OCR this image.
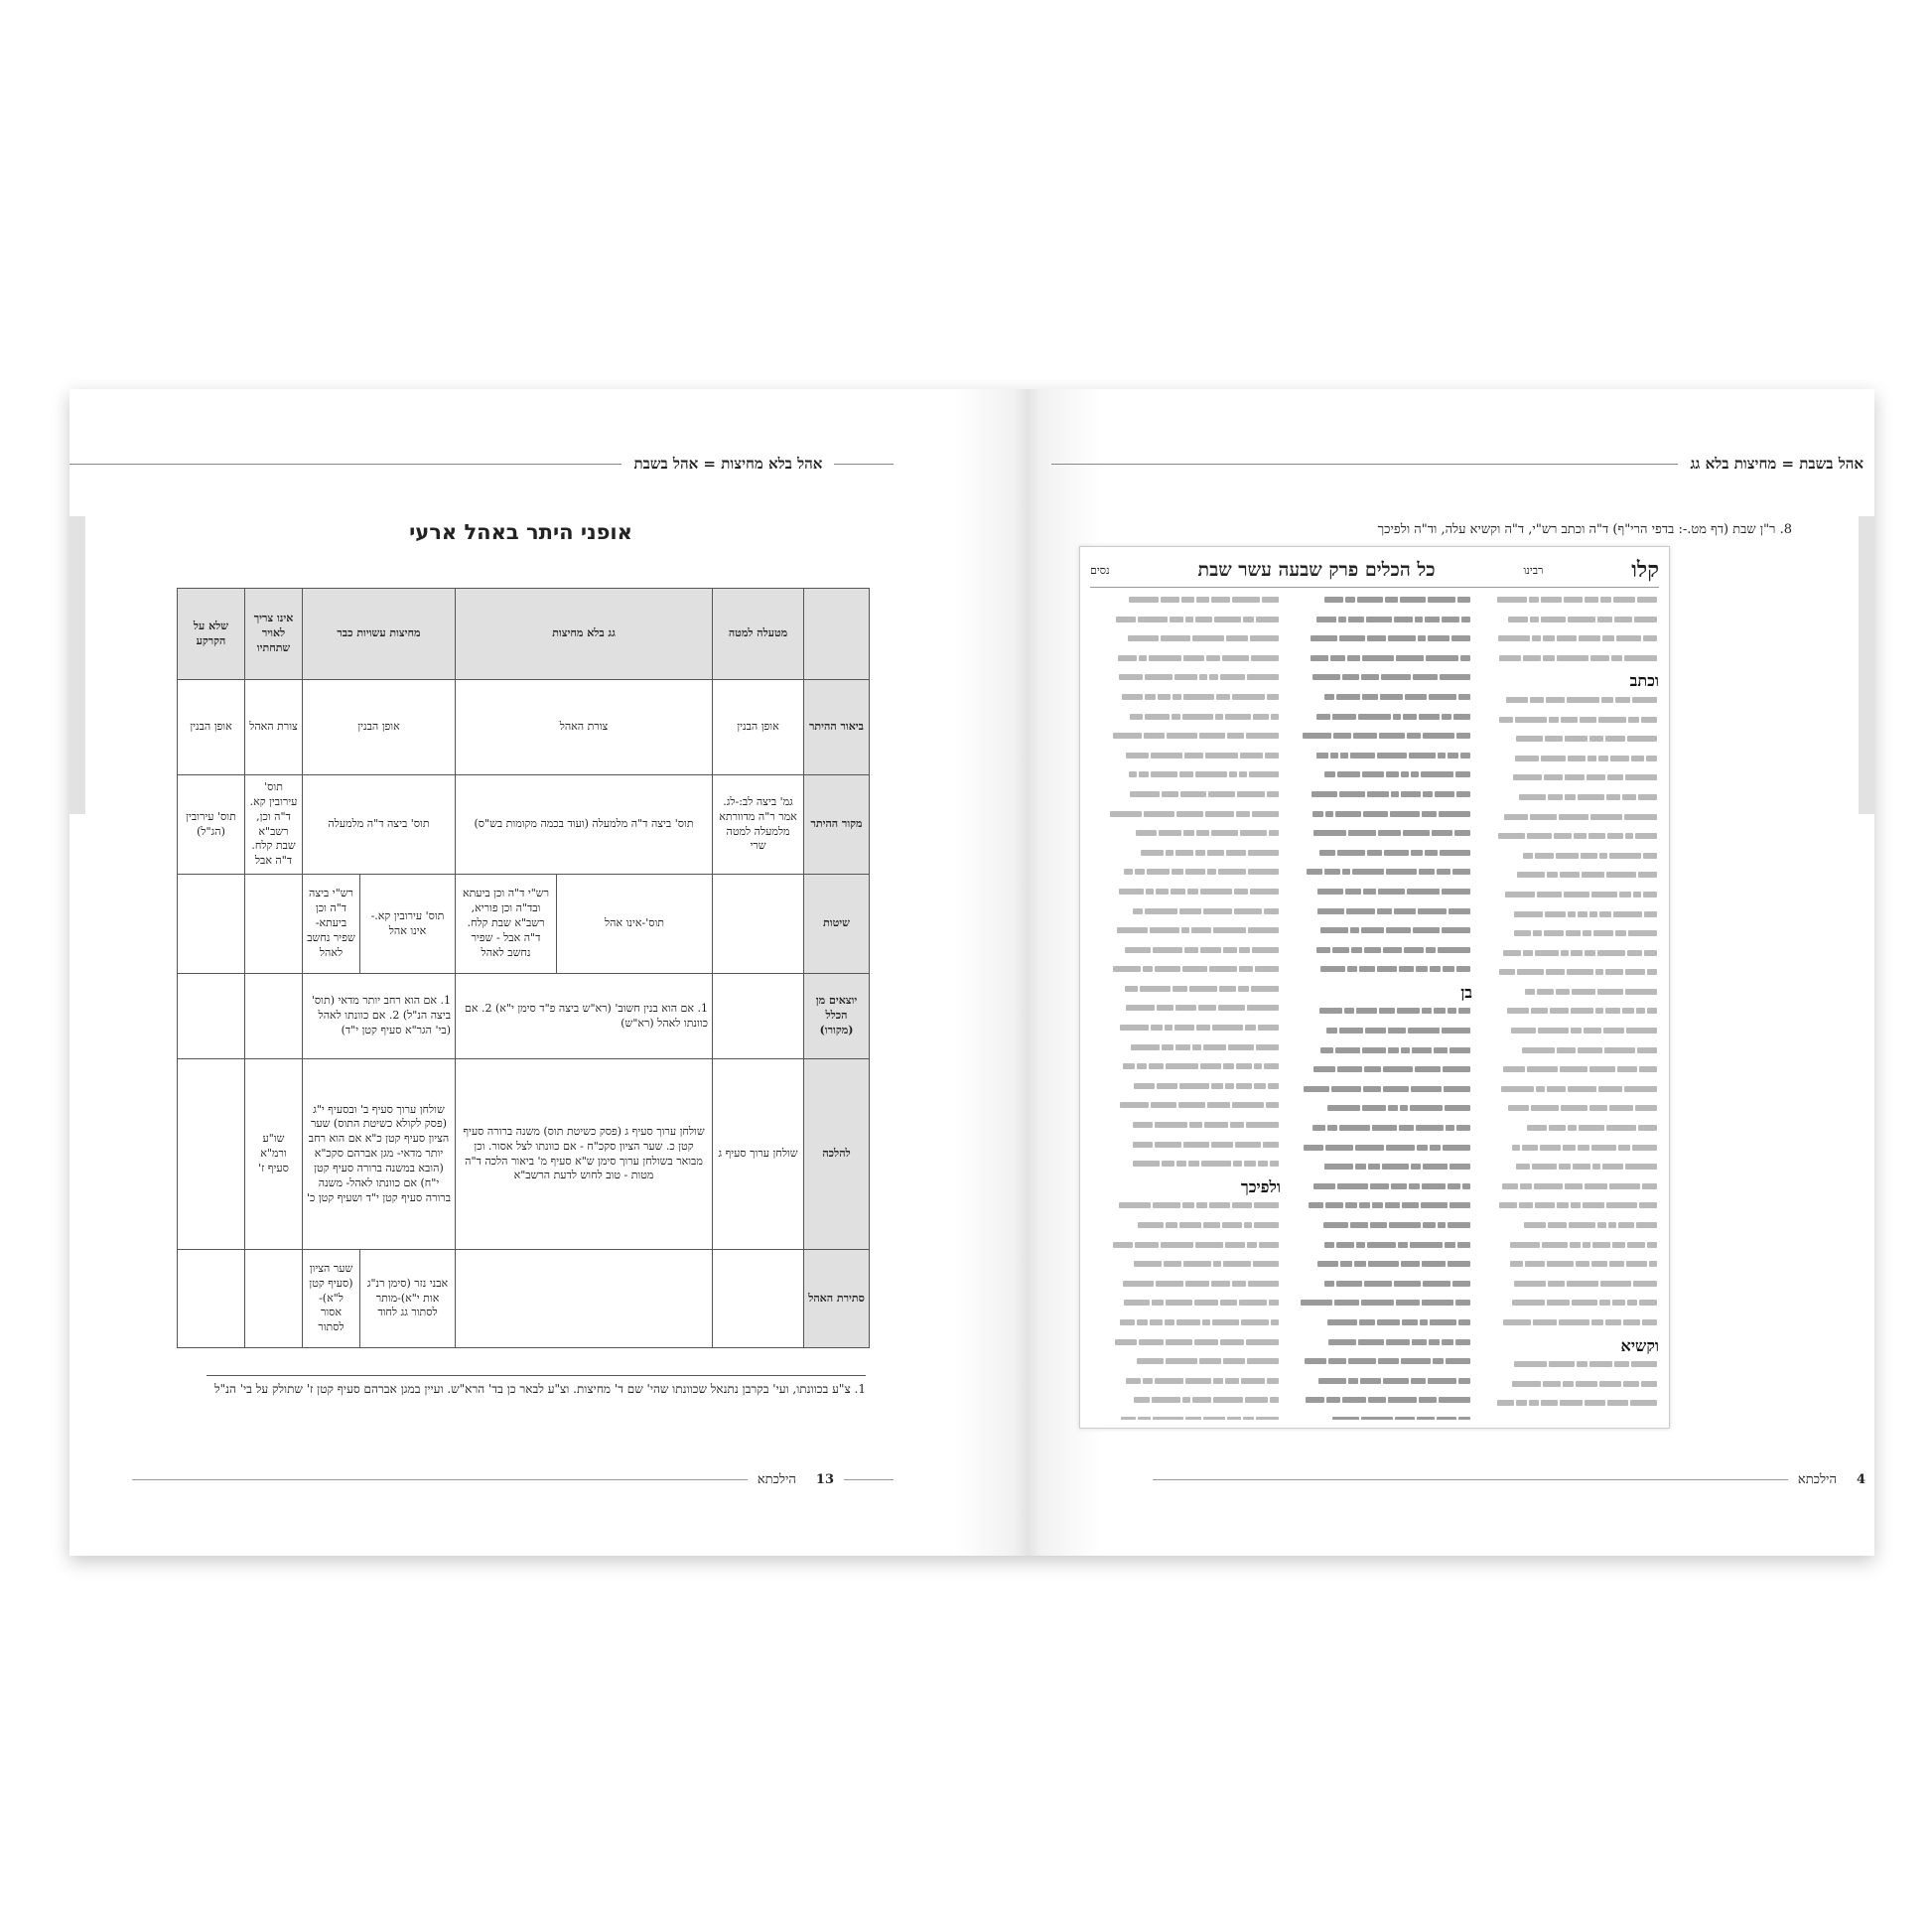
אהל בלא מחיצות = אהל בשבת
אופני היתר באהל ארעי
	מטעלה למטה	גג בלא מחיצות		מחיצות עשויות כבר		אינו צריך לאויר שתחתיו	שלא על הקרקע
ביאור ההיתר	אופן הבנין	צורת האהל		אופן הבנין		צורת האהל	אופן הבנין
מקור ההיתר	גמ' ביצה לב:-לג. אמר ר"ה מדוורתא מלמעלה למטה שרי	תוס' ביצה ד"ה מלמעלה (ועוד בכמה מקומות בש"ס)		תוס' ביצה ד"ה מלמעלה		תוס' עירובין קא. ד"ה וכן, רשב"א שבת קלח. ד"ה אבל	תוס' עירובין (הג"ל)
שיטות		תוס'-אינו אהל	רש"י ד"ה וכן ביעתא ובד"ה וכן פוריא, רשב"א שבת קלח. ד"ה אבל - שפיר נחשב לאהל	תוס' עירובין קא.- אינו אהל	רש"י ביצה ד"ה וכן ביעתא- שפיר נחשב לאהל		
יוצאים מן הכלל (מקורו)		1. אם הוא בנין חשוב' (רא"ש ביצה פ"ד סימן י"א) 2. אם כוונתו לאהל (רא"ש)		1. אם הוא רחב יותר מדאי (תוס' ביצה הנ"ל) 2. אם כוונתו לאהל (בי' הגר"א סעיף קטן י"ד)			
להלכה	שולחן ערוך סעיף ג	שולחן ערוך סעיף ג (פסק כשיטת תוס) משנה ברורה סעיף קטן כ. שער הציון סקכ"ח - אם כוונתו לצל אסור. וכן מבואר בשולחן ערוך סימן ש"א סעיף מ' ביאור הלכה ד"ה מטות - טוב לחוש לדעת הרשב"א		שולחן ערוך סעיף ב' ובסעיף י"ג (פסק לקולא כשיטת התוס) שער הציון סעיף קטן כ"א אם הוא רחב יותר מדאי- מגן אברהם סקכ"א (הובא במשנה ברורה סעיף קטן י"ח) אם כוונתו לאהל- משנה ברורה סעיף קטן י"ד ושעיף קטן כ'		שו"ע ורמ"א סעיף ז'	
סתירת האהל				אבני נזר (סימן רנ"ג אות י"א)-מותר לסתור גג לחוד	שער הציון (סעיף קטן ל"א)- אסור לסתור		
1. צ"ע בכוונתו, ועי' בקרבן נתנאל שכוונתו שהי' שם ד' מחיצות. וצ"ע לבאר כן בד' הרא"ש. ועיין במגן אברהם סעיף קטן ז' שתולק על בי' הנ"ל
הילכתא	13
אהל בשבת = מחיצות בלא גג
8. ר"ן שבת (דף מט.-: בדפי הרי"ף) ד"ה וכתב רש"י, ד"ה וקשיא עלה, וד"ה ולפיכך
קלו
רבינו
כל הכלים פרק שבעה עשר שבת
נסים
וכתב
וקשיא
בן
ולפיכך
4
הילכתא
